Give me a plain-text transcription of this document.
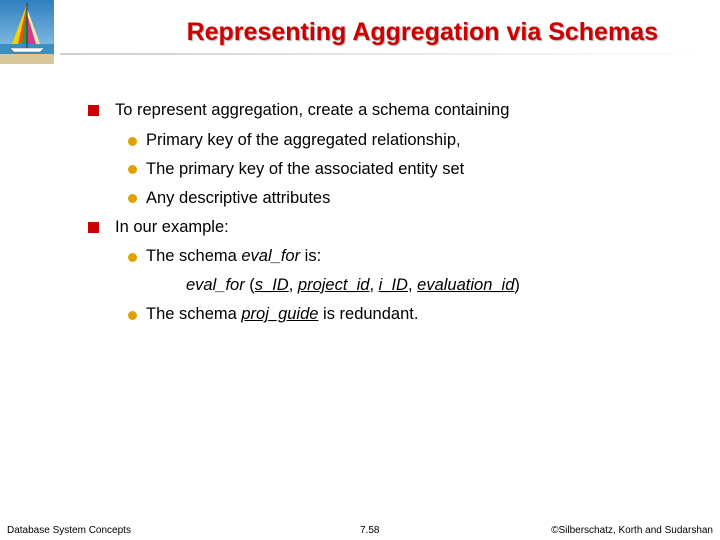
Representing Aggregation via Schemas
To represent aggregation, create a schema containing
Primary key of the aggregated relationship,
The primary key of the associated entity set
Any descriptive attributes
In our example:
The schema eval_for is:
eval_for (s_ID, project_id, i_ID, evaluation_id)
The schema proj_guide is redundant.
Database System Concepts	7.58	©Silberschatz, Korth and Sudarshan
